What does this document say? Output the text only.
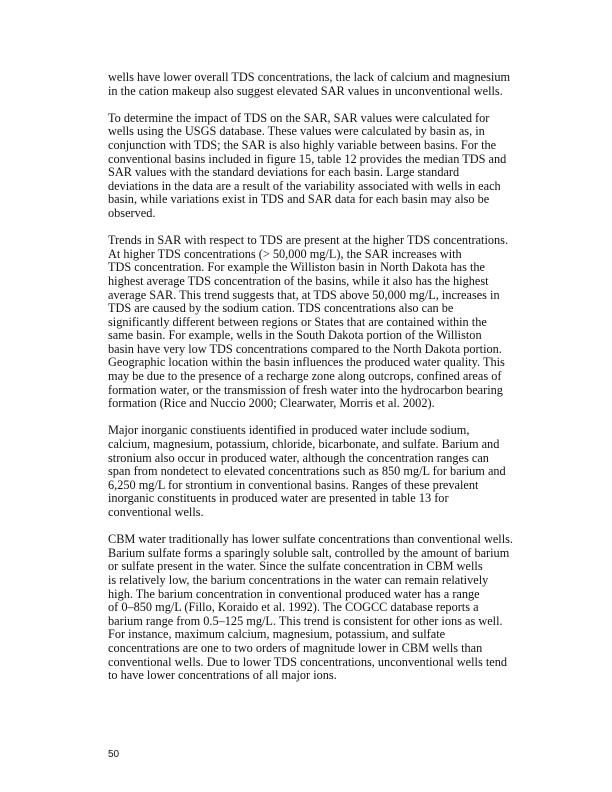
wells have lower overall TDS concentrations, the lack of calcium and magnesium
in the cation makeup also suggest elevated SAR values in unconventional wells.

To determine the impact of TDS on the SAR, SAR values were calculated for
wells using the USGS database. These values were calculated by basin as, in
conjunction with TDS; the SAR is also highly variable between basins. For the
conventional basins included in figure 15, table 12 provides the median TDS and
SAR values with the standard deviations for each basin. Large standard
deviations in the data are a result of the variability associated with wells in each
basin, while variations exist in TDS and SAR data for each basin may also be
observed.

Trends in SAR with respect to TDS are present at the higher TDS concentrations.
At higher TDS concentrations (> 50,000 mg/L), the SAR increases with
TDS concentration. For example the Williston basin in North Dakota has the
highest average TDS concentration of the basins, while it also has the highest
average SAR. This trend suggests that, at TDS above 50,000 mg/L, increases in
TDS are caused by the sodium cation. TDS concentrations also can be
significantly different between regions or States that are contained within the
same basin. For example, wells in the South Dakota portion of the Williston
basin have very low TDS concentrations compared to the North Dakota portion.
Geographic location within the basin influences the produced water quality. This
may be due to the presence of a recharge zone along outcrops, confined areas of
formation water, or the transmission of fresh water into the hydrocarbon bearing
formation (Rice and Nuccio 2000; Clearwater, Morris et al. 2002).

Major inorganic constiuents identified in produced water include sodium,
calcium, magnesium, potassium, chloride, bicarbonate, and sulfate. Barium and
stronium also occur in produced water, although the concentration ranges can
span from nondetect to elevated concentrations such as 850 mg/L for barium and
6,250 mg/L for strontium in conventional basins. Ranges of these prevalent
inorganic constituents in produced water are presented in table 13 for
conventional wells.

CBM water traditionally has lower sulfate concentrations than conventional wells.
Barium sulfate forms a sparingly soluble salt, controlled by the amount of barium
or sulfate present in the water. Since the sulfate concentration in CBM wells
is relatively low, the barium concentrations in the water can remain relatively
high. The barium concentration in conventional produced water has a range
of 0–850 mg/L (Fillo, Koraido et al. 1992). The COGCC database reports a
barium range from 0.5–125 mg/L. This trend is consistent for other ions as well.
For instance, maximum calcium, magnesium, potassium, and sulfate
concentrations are one to two orders of magnitude lower in CBM wells than
conventional wells. Due to lower TDS concentrations, unconventional wells tend
to have lower concentrations of all major ions.

50
